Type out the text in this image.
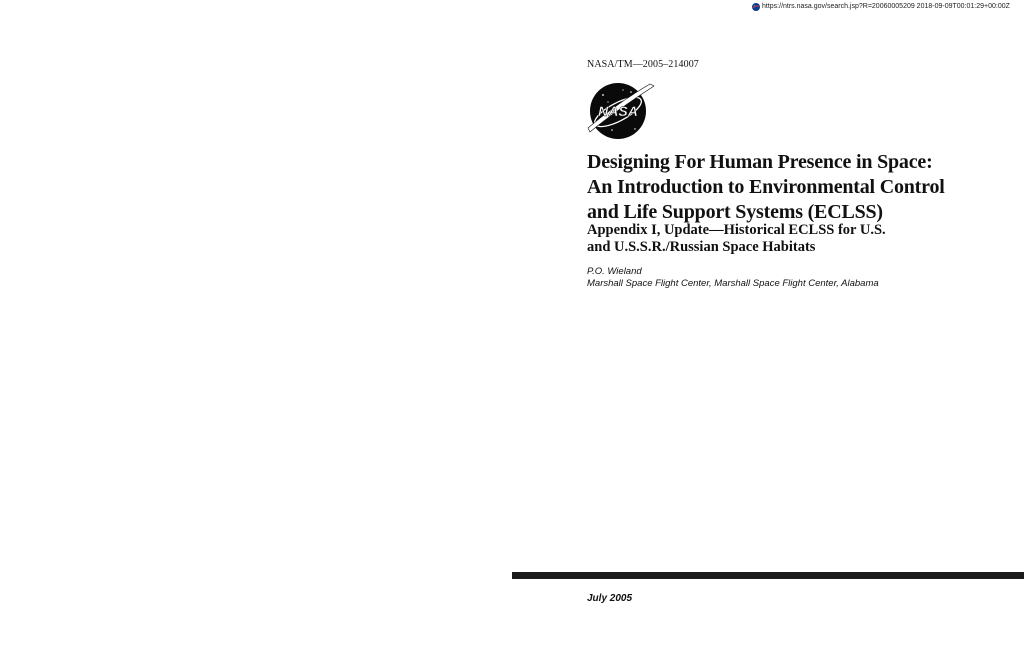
https://ntrs.nasa.gov/search.jsp?R=20060005209 2018-09-09T00:01:29+00:00Z
NASA/TM—2005–214007
NASA
Designing For Human Presence in Space:
An Introduction to Environmental Control
and Life Support Systems (ECLSS)
Appendix I, Update—Historical ECLSS for U.S.
and U.S.S.R./Russian Space Habitats
P.O. Wieland
Marshall Space Flight Center, Marshall Space Flight Center, Alabama
July 2005
